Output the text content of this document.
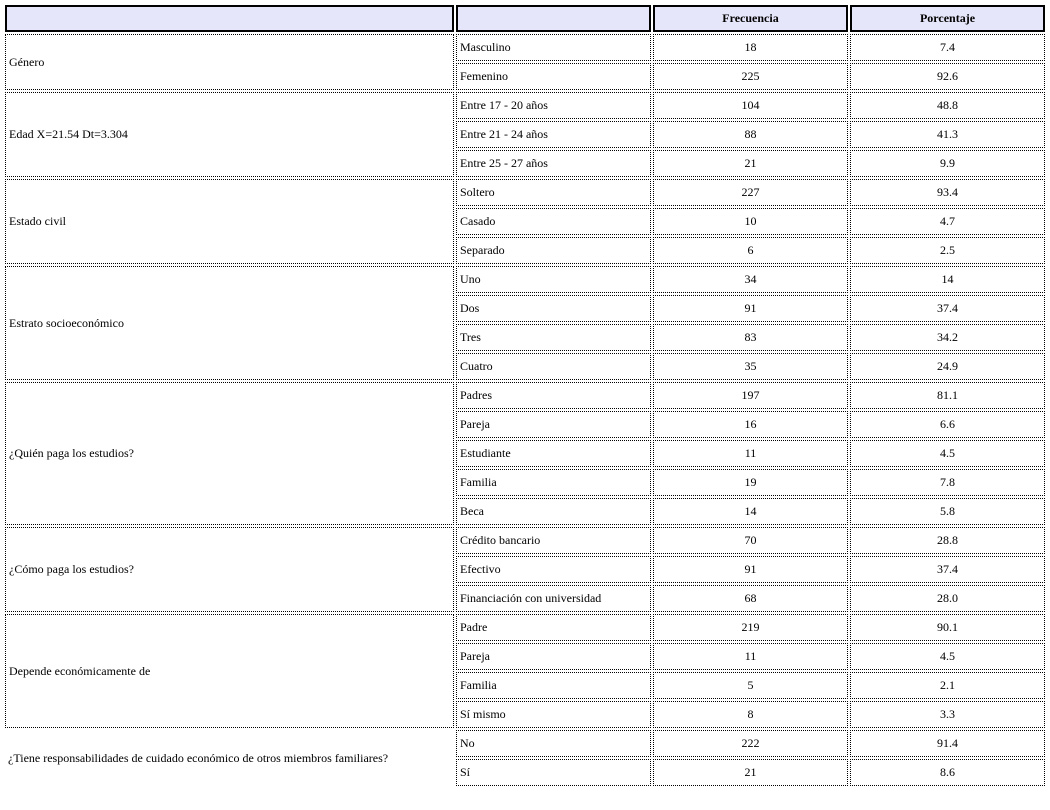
		Frecuencia	Porcentaje
Género	Masculino	18	7.4
	Femenino	225	92.6
Edad X=21.54 Dt=3.304	Entre 17 - 20 años	104	48.8
	Entre 21 - 24 años	88	41.3
	Entre 25 - 27 años	21	9.9
Estado civil	Soltero	227	93.4
	Casado	10	4.7
	Separado	6	2.5
Estrato socioeconómico	Uno	34	14
	Dos	91	37.4
	Tres	83	34.2
	Cuatro	35	24.9
¿Quién paga los estudios?	Padres	197	81.1
	Pareja	16	6.6
	Estudiante	11	4.5
	Familia	19	7.8
	Beca	14	5.8
¿Cómo paga los estudios?	Crédito bancario	70	28.8
	Efectivo	91	37.4
	Financiación con universidad	68	28.0
Depende económicamente de	Padre	219	90.1
	Pareja	11	4.5
	Familia	5	2.1
	Sí mismo	8	3.3
¿Tiene responsabilidades de cuidado económico de otros miembros familiares?	No	222	91.4
	Sí	21	8.6
